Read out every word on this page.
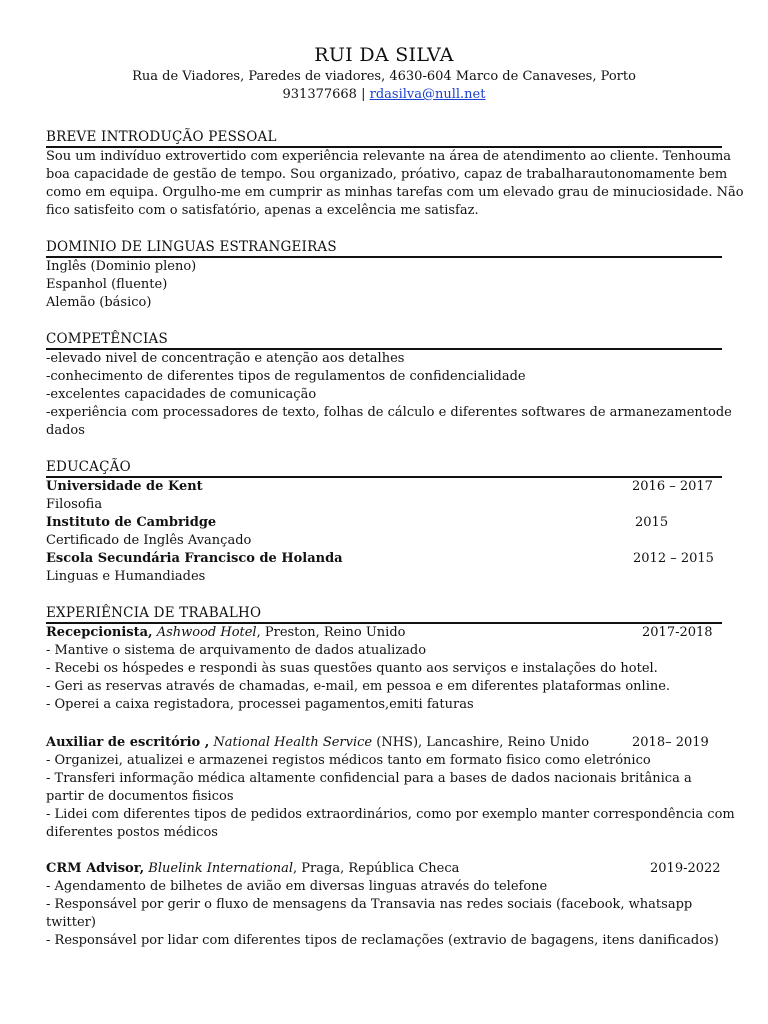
RUI DA SILVA
Rua de Viadores, Paredes de viadores, 4630-604 Marco de Canaveses, Porto
931377668 | rdasilva@null.net
BREVE INTRODUÇÃO PESSOAL
Sou um indivíduo extrovertido com experiência relevante na área de atendimento ao cliente. Tenhouma
boa capacidade de gestão de tempo. Sou organizado, próativo, capaz de trabalharautonomamente bem
como em equipa. Orgulho-me em cumprir as minhas tarefas com um elevado grau de minuciosidade. Não
fico satisfeito com o satisfatório, apenas a excelência me satisfaz.
DOMINIO DE LINGUAS ESTRANGEIRAS
Inglês (Dominio pleno)
Espanhol (fluente)
Alemão (básico)
COMPETÊNCIAS
-elevado nivel de concentração e atenção aos detalhes
-conhecimento de diferentes tipos de regulamentos de confidencialidade
-excelentes capacidades de comunicação
-experiência com processadores de texto, folhas de cálculo e diferentes softwares de armanezamentode
dados
EDUCAÇÃO
Universidade de Kent	2016 – 2017
Filosofia
Instituto de Cambridge	2015
Certificado de Inglês Avançado
Escola Secundária Francisco de Holanda	2012 – 2015
Linguas e Humandiades
EXPERIÊNCIA DE TRABALHO
Recepcionista, Ashwood Hotel, Preston, Reino Unido	2017-2018
- Mantive o sistema de arquivamento de dados atualizado
- Recebi os hóspedes e respondi às suas questões quanto aos serviços e instalações do hotel.
- Geri as reservas através de chamadas, e-mail, em pessoa e em diferentes plataformas online.
- Operei a caixa registadora, processei pagamentos,emiti faturas
Auxiliar de escritório , National Health Service (NHS), Lancashire, Reino Unido	2018– 2019
- Organizei, atualizei e armazenei registos médicos tanto em formato fisico como eletrónico
- Transferi informação médica altamente confidencial para a bases de dados nacionais britânica a
partir de documentos fisicos
- Lidei com diferentes tipos de pedidos extraordinários, como por exemplo manter correspondência com
diferentes postos médicos
CRM Advisor, Bluelink International, Praga, República Checa	2019-2022
- Agendamento de bilhetes de avião em diversas linguas através do telefone
- Responsável por gerir o fluxo de mensagens da Transavia nas redes sociais (facebook, whatsapp
twitter)
- Responsável por lidar com diferentes tipos de reclamações (extravio de bagagens, itens danificados)
